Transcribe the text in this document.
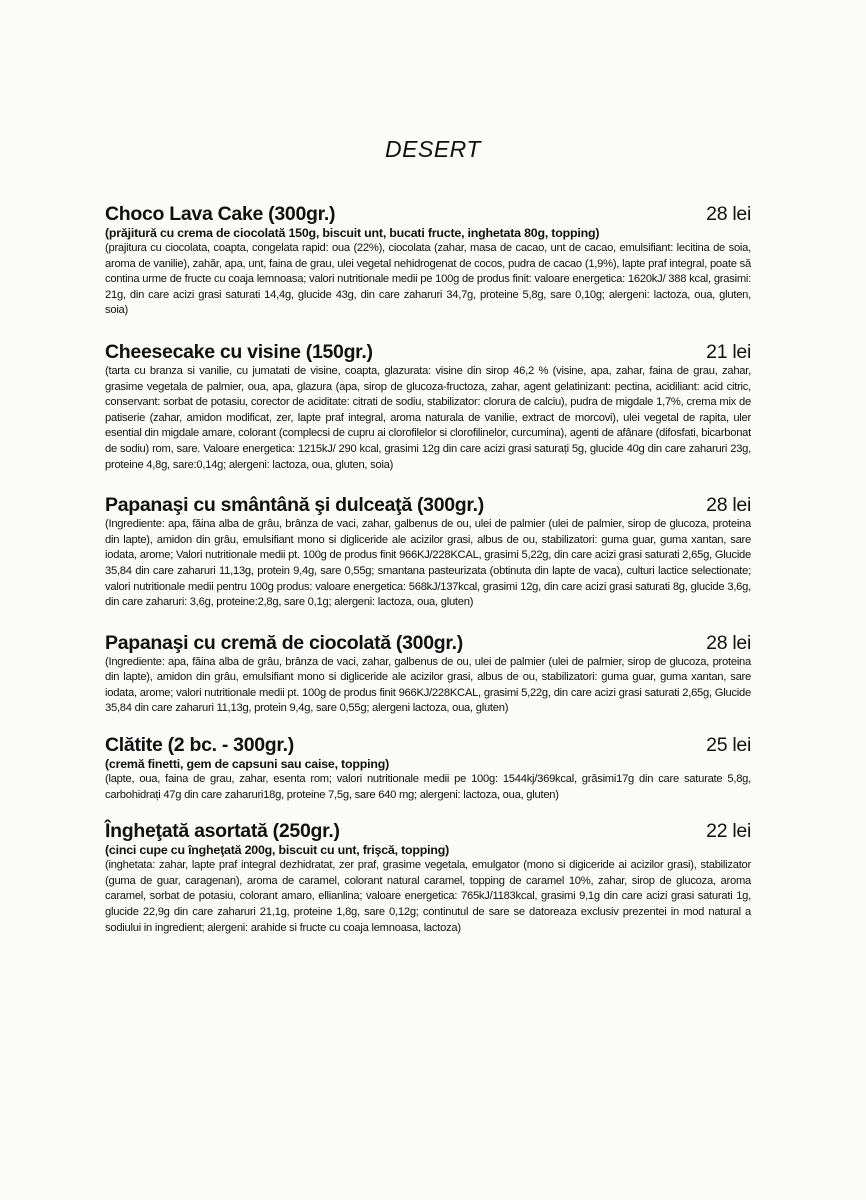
DESERT
Choco Lava Cake (300gr.)	28 lei
(prăjitură cu crema de ciocolată 150g, biscuit unt, bucati fructe, inghetata 80g, topping)
(prajitura cu ciocolata, coapta, congelata rapid: oua (22%), ciocolata (zahar, masa de cacao, unt de cacao, emulsifiant: lecitina de soia, aroma de vanilie), zahăr, apa, unt, faina de grau, ulei vegetal nehidrogenat de cocos, pudra de cacao (1,9%), lapte praf integral, poate să contina urme de fructe cu coaja lemnoasa; valori nutritionale medii pe 100g de produs finit: valoare energetica: 1620kJ/ 388 kcal, grasimi: 21g, din care acizi grasi saturati 14,4g, glucide 43g, din care zaharuri 34,7g, proteine 5,8g, sare 0,10g; alergeni: lactoza, oua, gluten, soia)
Cheesecake cu visine (150gr.)	21 lei
(tarta cu branza si vanilie, cu jumatati de visine, coapta, glazurata: visine din sirop 46,2 % (visine, apa, zahar, faina de grau, zahar, grasime vegetala de palmier, oua, apa, glazura (apa, sirop de glucoza-fructoza, zahar, agent gelatinizant: pectina, acidiliant: acid citric, conservant: sorbat de potasiu, corector de aciditate: citrati de sodiu, stabilizator: clorura de calciu), pudra de migdale 1,7%, crema mix de patiserie (zahar, amidon modificat, zer, lapte praf integral, aroma naturala de vanilie, extract de morcovi), ulei vegetal de rapita, uler esential din migdale amare, colorant (complecsi de cupru ai clorofilelor si clorofilinelor, curcumina), agenti de afânare (difosfati, bicarbonat de sodiu) rom, sare. Valoare energetica: 1215kJ/ 290 kcal, grasimi 12g din care acizi grasi saturați 5g, glucide 40g din care zaharuri 23g, proteine 4,8g, sare:0,14g; alergeni: lactoza, oua, gluten, soia)
Papanaşi cu smântână şi dulceaţă (300gr.)	28 lei
(Ingrediente: apa, făina alba de grâu, brânza de vaci, zahar, galbenus de ou, ulei de palmier (ulei de palmier, sirop de glucoza, proteina din lapte), amidon din grâu, emulsifiant mono si digliceride ale acizilor grasi, albus de ou, stabilizatori: guma guar, guma xantan, sare iodata, arome; Valori nutritionale medii pt. 100g de produs finit 966KJ/228KCAL, grasimi 5,22g, din care acizi grasi saturati 2,65g, Glucide 35,84 din care zaharuri 11,13g, protein 9,4g, sare 0,55g; smantana pasteurizata (obtinuta din lapte de vaca), culturi lactice selectionate; valori nutritionale medii pentru 100g produs: valoare energetica: 568kJ/137kcal, grasimi 12g, din care acizi grasi saturati 8g, glucide 3,6g, din care zaharuri: 3,6g, proteine:2,8g, sare 0,1g; alergeni: lactoza, oua, gluten)
Papanaşi cu cremă de ciocolată (300gr.)	28 lei
(Ingrediente: apa, făina alba de grâu, brânza de vaci, zahar, galbenus de ou, ulei de palmier (ulei de palmier, sirop de glucoza, proteina din lapte), amidon din grâu, emulsifiant mono si digliceride ale acizilor grasi, albus de ou, stabilizatori: guma guar, guma xantan, sare iodata, arome; valori nutritionale medii pt. 100g de produs finit 966KJ/228KCAL, grasimi 5,22g, din care acizi grasi saturati 2,65g, Glucide 35,84 din care zaharuri 11,13g, protein 9,4g, sare 0,55g; alergeni lactoza, oua, gluten)
Clătite (2 bc. - 300gr.)	25 lei
(cremă finetti, gem de capsuni sau caise, topping)
(lapte, oua, faina de grau, zahar, esenta rom; valori nutritionale medii pe 100g: 1544kj/369kcal, grăsimi17g din care saturate 5,8g, carbohidrați 47g din care zaharuri18g, proteine 7,5g, sare 640 mg; alergeni: lactoza, oua, gluten)
Îngheţată asortată (250gr.)	22 lei
(cinci cupe cu îngheţată 200g, biscuit cu unt, frişcă, topping)
(inghetata: zahar, lapte praf integral dezhidratat, zer praf, grasime vegetala, emulgator (mono si digiceride ai acizilor grasi), stabilizator (guma de guar, caragenan), aroma de caramel, colorant natural caramel, topping de caramel 10%, zahar, sirop de glucoza, aroma caramel, sorbat de potasiu, colorant amaro, ellianlina; valoare energetica: 765kJ/1183kcal, grasimi 9,1g din care acizi grasi saturati 1g, glucide 22,9g din care zaharuri 21,1g, proteine 1,8g, sare 0,12g; continutul de sare se datoreaza exclusiv prezentei in mod natural a sodiului in ingredient; alergeni: arahide si fructe cu coaja lemnoasa, lactoza)
